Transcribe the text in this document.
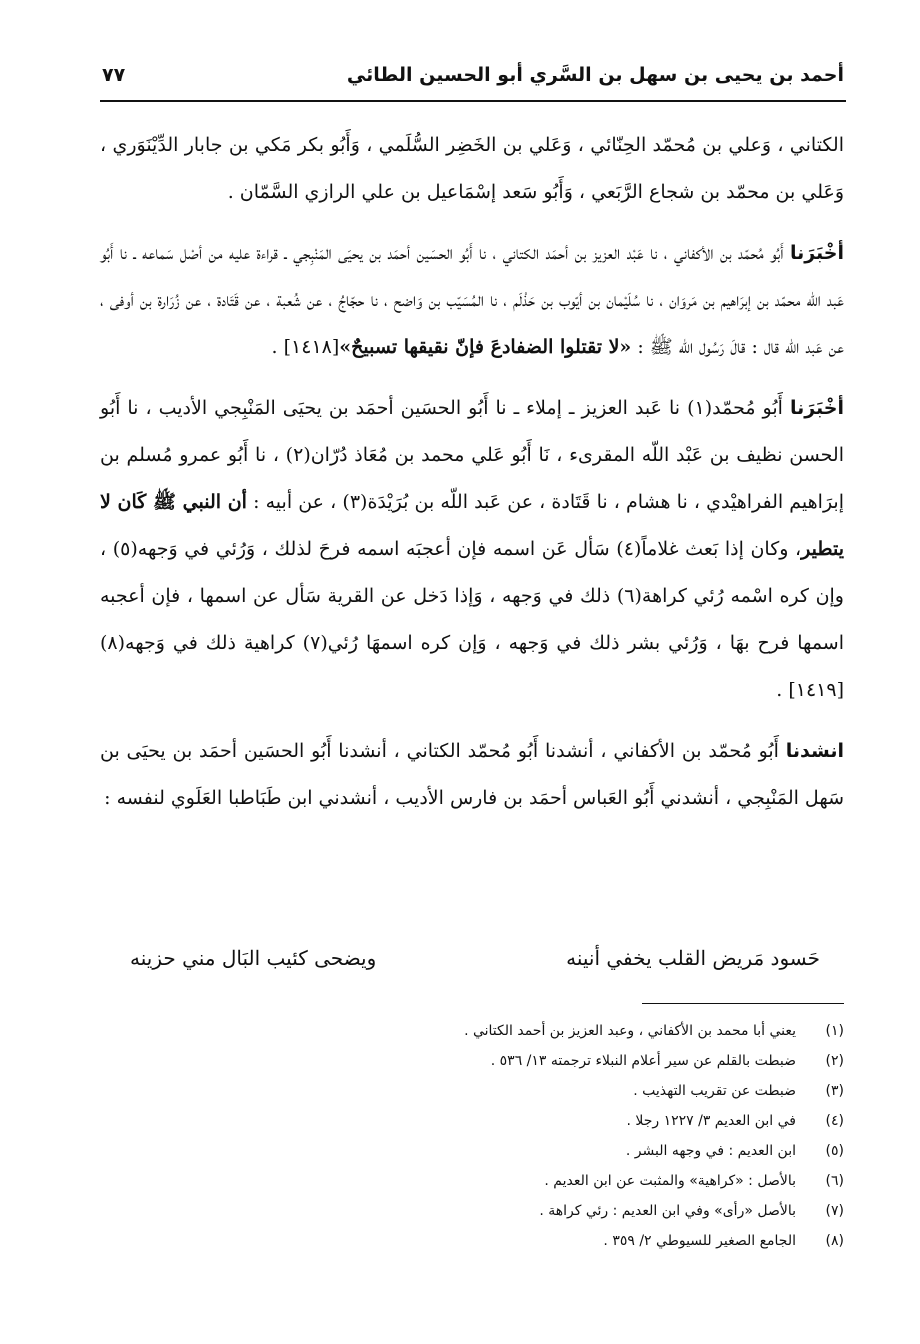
أحمد بن يحيى بن سهل بن السَّري أبو الحسين الطائي
٧٧

الكتاني ، وَعلي بن مُحمّد الحِنّائي ، وَعَلي بن الخَضِر السُّلَمي ، وَأَبُو بكر مَكي بن جابار الدِّيْنَوَري ، وَعَلي بن محمّد بن شجاع الرَّبَعي ، وَأَبُو سَعد إسْمَاعيل بن علي الرازي السَّمّان .

أخْبَرَنا أَبُو مُحمّد بن الأكفاني ، نا عَبْد العزيز بن أحمَد الكتاني ، نا أَبُو الحسَين أحمَد بن يحيَى المَنْبِجي ـ قراءة عليه من أصْل سَماعه ـ نا أَبُو عَبد اللّه محمّد بن إبرَاهيم بن مَروَان ، نا سُلَيْمان بن أيّوب بن حَذْلَم ، نا المُسَيّب بن وَاضح ، نا حجّاجُ ، عن شُعبة ، عن قَتَادة ، عن زُرَارة بن أوفى ، عن عَبد اللّه قال : قالَ رَسُول الله ﷺ : «لا تقتلوا الضفادعَ فإنّ نقيقها تسبيحٌ»[١٤١٨] .

أخْبَرَنا أَبُو مُحمّد(١) نا عَبد العزيز ـ إملاء ـ نا أَبُو الحسَين أحمَد بن يحيَى المَنْبِجي الأديب ، نا أَبُو الحسن نظيف بن عَبْد اللّه المقرىء ، نَا أَبُو عَلي محمد بن مُعَاذ دُرّان(٢) ، نا أَبُو عمرو مُسلم بن إبرَاهيم الفراهيْدي ، نا هشام ، نا قَتَادة ، عن عَبد اللّه بن بُرَيْدَة(٣) ، عن أبيه : أن النبي ﷺ كَان لا يتطير، وكان إذا بَعث غلاماً(٤) سَأل عَن اسمه فإن أعجبَه اسمه فرحَ لذلك ، وَرُئي في وَجهه(٥) ، وإن كره اسْمه رُئي كراهة(٦) ذلك في وَجهه ، وَإذا دَخل عن القرية سَأل عن اسمها ، فإن أعجبه اسمها فرح بهَا ، وَرُئي بشر ذلك في وَجهه ، وَإن كره اسمهَا رُئي(٧) كراهية ذلك في وَجهه(٨) [١٤١٩] .

انشدنا أَبُو مُحمّد بن الأكفاني ، أنشدنا أَبُو مُحمّد الكتاني ، أنشدنا أَبُو الحسَين أحمَد بن يحيَى بن سَهل المَنْبِجي ، أنشدني أَبُو العَباس أحمَد بن فارس الأديب ، أنشدني ابن طَبَاطبا العَلَوي لنفسه :

حَسود مَريض القلب يخفي أنينه
ويضحى كئيب البَال مني حزينه
(١)يعني أبا محمد بن الأكفاني ، وعبد العزيز بن أحمد الكتاني .
(٢)ضبطت بالقلم عن سير أعلام النبلاء ترجمته ١٣/ ٥٣٦ .
(٣)ضبطت عن تقريب التهذيب .
(٤)في ابن العديم ٣/ ١٢٢٧ رجلا .
(٥)ابن العديم : في وجهه البشر .
(٦)بالأصل : «كراهية» والمثبت عن ابن العديم .
(٧)بالأصل «رأى» وفي ابن العديم : رئي كراهة .
(٨)الجامع الصغير للسيوطي ٢/ ٣٥٩ .
